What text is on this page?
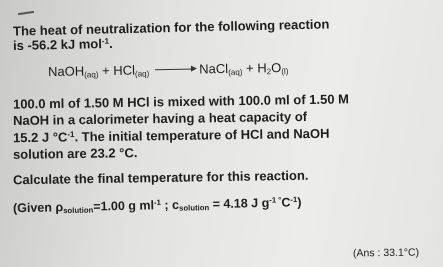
The heat of neutralization for the following reaction
is -56.2 kJ mol$^{-1}$.
NaOH$_{(aq)}$ + HCl$_{(aq)}$	NaCl$_{(aq)}$ + $H_2O_{(l)}$
100.0 ml of 1.50 M HCl is mixed with 100.0 ml of 1.50 M
NaOH in a calorimeter having a heat capacity of
15.2 J $^\circ C^{-1}$. The initial temperature of HCl and NaOH
solution are 23.2 °C.
Calculate the final temperature for this reaction.
(Given $\rho_{solution}=1.00$ g $ml^{-1}$ ; $c_{solution} = 4.18$ J $g^{-1 ^\circ}C^{-1}$)
(Ans : 33.1°C)
